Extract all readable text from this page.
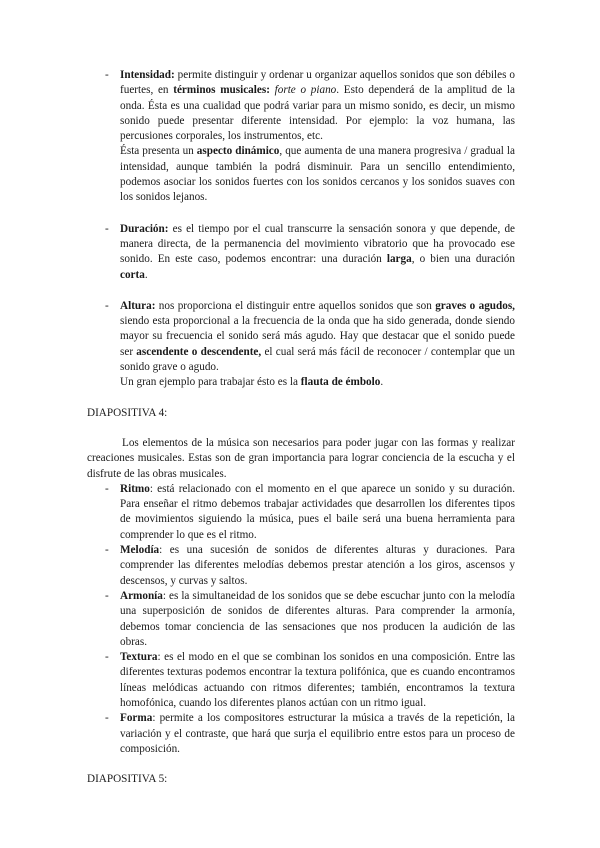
- Intensidad: permite distinguir y ordenar u organizar aquellos sonidos que son débiles o fuertes, en términos musicales: forte o piano. Esto dependerá de la amplitud de la onda. Ésta es una cualidad que podrá variar para un mismo sonido, es decir, un mismo sonido puede presentar diferente intensidad. Por ejemplo: la voz humana, las percusiones corporales, los instrumentos, etc.
Ésta presenta un aspecto dinámico, que aumenta de una manera progresiva / gradual la intensidad, aunque también la podrá disminuir. Para un sencillo entendimiento, podemos asociar los sonidos fuertes con los sonidos cercanos y los sonidos suaves con los sonidos lejanos.
- Duración: es el tiempo por el cual transcurre la sensación sonora y que depende, de manera directa, de la permanencia del movimiento vibratorio que ha provocado ese sonido. En este caso, podemos encontrar: una duración larga, o bien una duración corta.
- Altura: nos proporciona el distinguir entre aquellos sonidos que son graves o agudos, siendo esta proporcional a la frecuencia de la onda que ha sido generada, donde siendo mayor su frecuencia el sonido será más agudo. Hay que destacar que el sonido puede ser ascendente o descendente, el cual será más fácil de reconocer / contemplar que un sonido grave o agudo.
Un gran ejemplo para trabajar ésto es la flauta de émbolo.
DIAPOSITIVA 4:
Los elementos de la música son necesarios para poder jugar con las formas y realizar creaciones musicales. Estas son de gran importancia para lograr conciencia de la escucha y el disfrute de las obras musicales.
- Ritmo: está relacionado con el momento en el que aparece un sonido y su duración. Para enseñar el ritmo debemos trabajar actividades que desarrollen los diferentes tipos de movimientos siguiendo la música, pues el baile será una buena herramienta para comprender lo que es el ritmo.
- Melodía: es una sucesión de sonidos de diferentes alturas y duraciones. Para comprender las diferentes melodías debemos prestar atención a los giros, ascensos y descensos, y curvas y saltos.
- Armonía: es la simultaneidad de los sonidos que se debe escuchar junto con la melodía una superposición de sonidos de diferentes alturas. Para comprender la armonía, debemos tomar conciencia de las sensaciones que nos producen la audición de las obras.
- Textura: es el modo en el que se combinan los sonidos en una composición. Entre las diferentes texturas podemos encontrar la textura polifónica, que es cuando encontramos líneas melódicas actuando con ritmos diferentes; también, encontramos la textura homofónica, cuando los diferentes planos actúan con un ritmo igual.
- Forma: permite a los compositores estructurar la música a través de la repetición, la variación y el contraste, que hará que surja el equilibrio entre estos para un proceso de composición.
DIAPOSITIVA 5:
